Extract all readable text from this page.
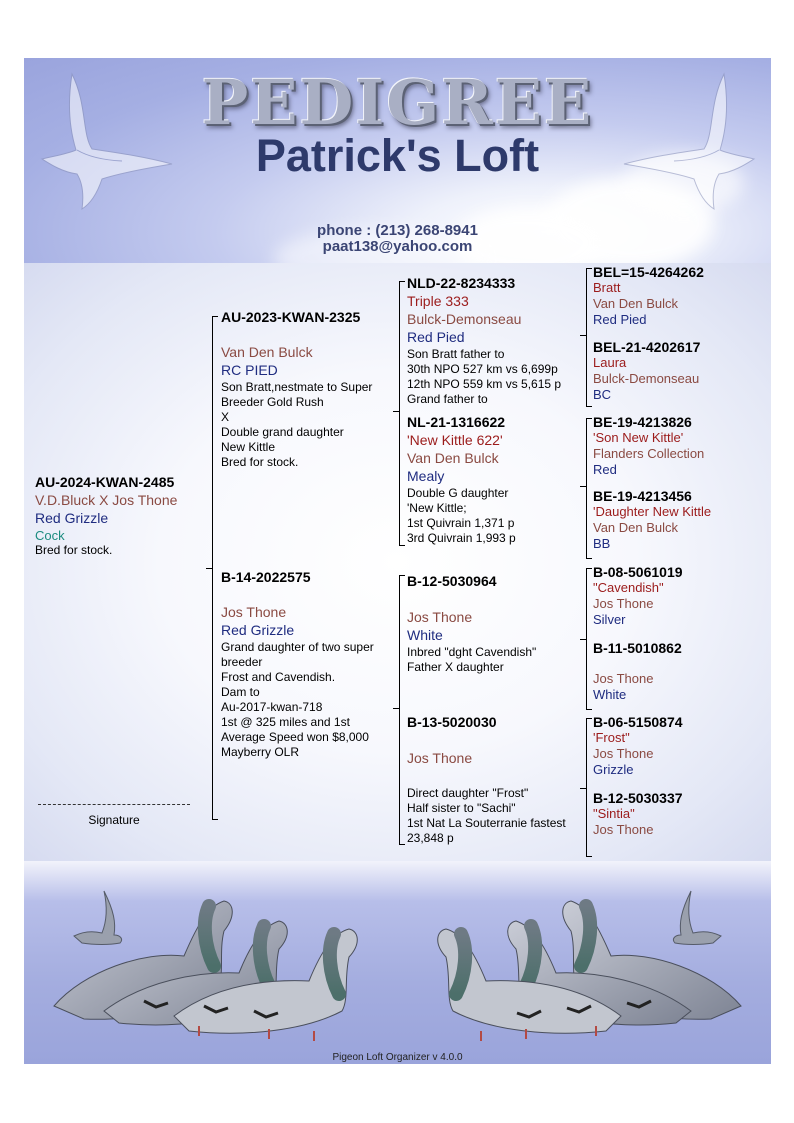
PEDIGREE
Patrick's Loft
phone : (213) 268-8941
paat138@yahoo.com
AU-2024-KWAN-2485
V.D.Bluck X Jos Thone
Red Grizzle
Cock
Bred for stock.
AU-2023-KWAN-2325
Van Den Bulck
RC PIED
Son Bratt,nestmate to Super
Breeder Gold Rush
X
Double grand daughter
New Kittle
Bred for stock.
B-14-2022575
Jos Thone
Red Grizzle
Grand daughter of two super
breeder
Frost and Cavendish.
Dam to
Au-2017-kwan-718
1st @ 325 miles and 1st
Average Speed won $8,000
Mayberry OLR
NLD-22-8234333
Triple 333
Bulck-Demonseau
Red Pied
Son Bratt father to
30th NPO 527 km vs 6,699p
12th NPO 559 km vs 5,615 p
Grand father to
NL-21-1316622
'New Kittle 622'
Van Den Bulck
Mealy
Double G daughter
'New Kittle;
1st Quivrain 1,371 p
3rd Quivrain 1,993 p
B-12-5030964
Jos Thone
White
Inbred "dght Cavendish"
Father X daughter
B-13-5020030
Jos Thone
Direct daughter "Frost"
Half sister to "Sachi"
1st Nat La Souterranie fastest
23,848 p
BEL=15-4264262
Bratt
Van Den Bulck
Red Pied
BEL-21-4202617
Laura
Bulck-Demonseau
BC
BE-19-4213826
'Son New Kittle'
Flanders Collection
Red
BE-19-4213456
'Daughter New Kittle
Van Den Bulck
BB
B-08-5061019
"Cavendish"
Jos Thone
Silver
B-11-5010862
Jos Thone
White
B-06-5150874
'Frost"
Jos Thone
Grizzle
B-12-5030337
"Sintia"
Jos Thone
Signature
Pigeon Loft Organizer v 4.0.0
